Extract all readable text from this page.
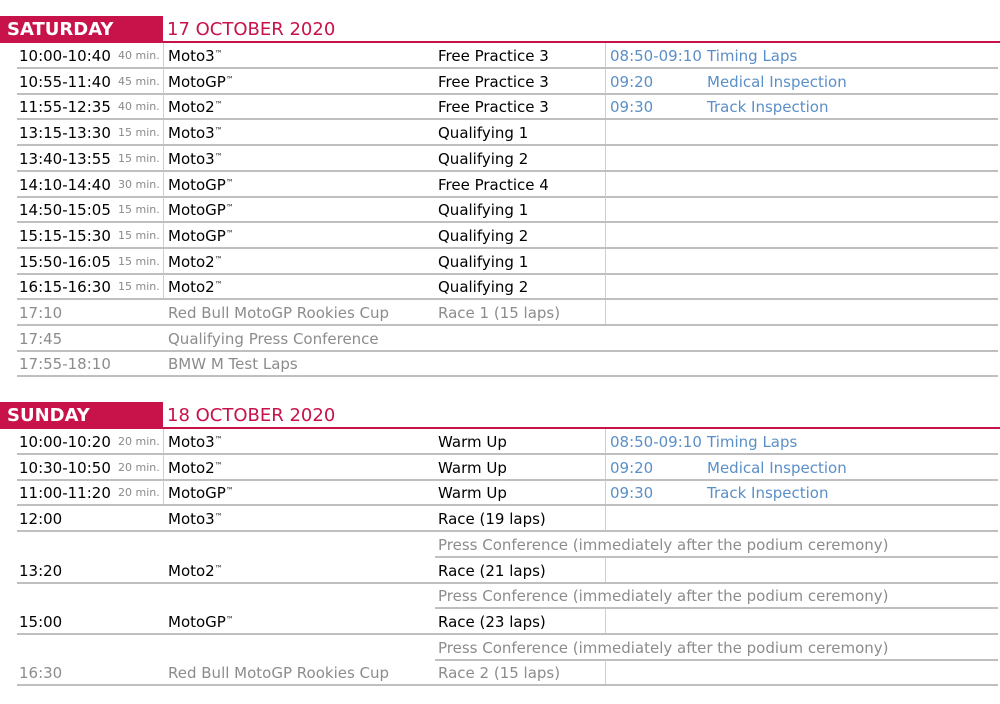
SATURDAY	17 OCTOBER 2020
10:00-10:40 40 min. Moto3™	Free Practice 3	08:50-09:10 Timing Laps
10:55-11:40 45 min. MotoGP™	Free Practice 3	09:20	Medical Inspection
11:55-12:35 40 min. Moto2™	Free Practice 3	09:30	Track Inspection
13:15-13:30 15 min. Moto3™	Qualifying 1
13:40-13:55 15 min. Moto3™	Qualifying 2
14:10-14:40 30 min. MotoGP™	Free Practice 4
14:50-15:05 15 min. MotoGP™	Qualifying 1
15:15-15:30 15 min. MotoGP™	Qualifying 2
15:50-16:05 15 min. Moto2™	Qualifying 1
16:15-16:30 15 min. Moto2™	Qualifying 2
17:10	Red Bull MotoGP Rookies Cup	Race 1 (15 laps)
17:45	Qualifying Press Conference
17:55-18:10	BMW M Test Laps
SUNDAY	18 OCTOBER 2020
10:00-10:20 20 min. Moto3™	Warm Up	08:50-09:10 Timing Laps
10:30-10:50 20 min. Moto2™	Warm Up	09:20	Medical Inspection
11:00-11:20 20 min. MotoGP™	Warm Up	09:30	Track Inspection
12:00	Moto3™	Race (19 laps)
Press Conference (immediately after the podium ceremony)
13:20	Moto2™	Race (21 laps)
Press Conference (immediately after the podium ceremony)
15:00	MotoGP™	Race (23 laps)
Press Conference (immediately after the podium ceremony)
16:30	Red Bull MotoGP Rookies Cup	Race 2 (15 laps)
